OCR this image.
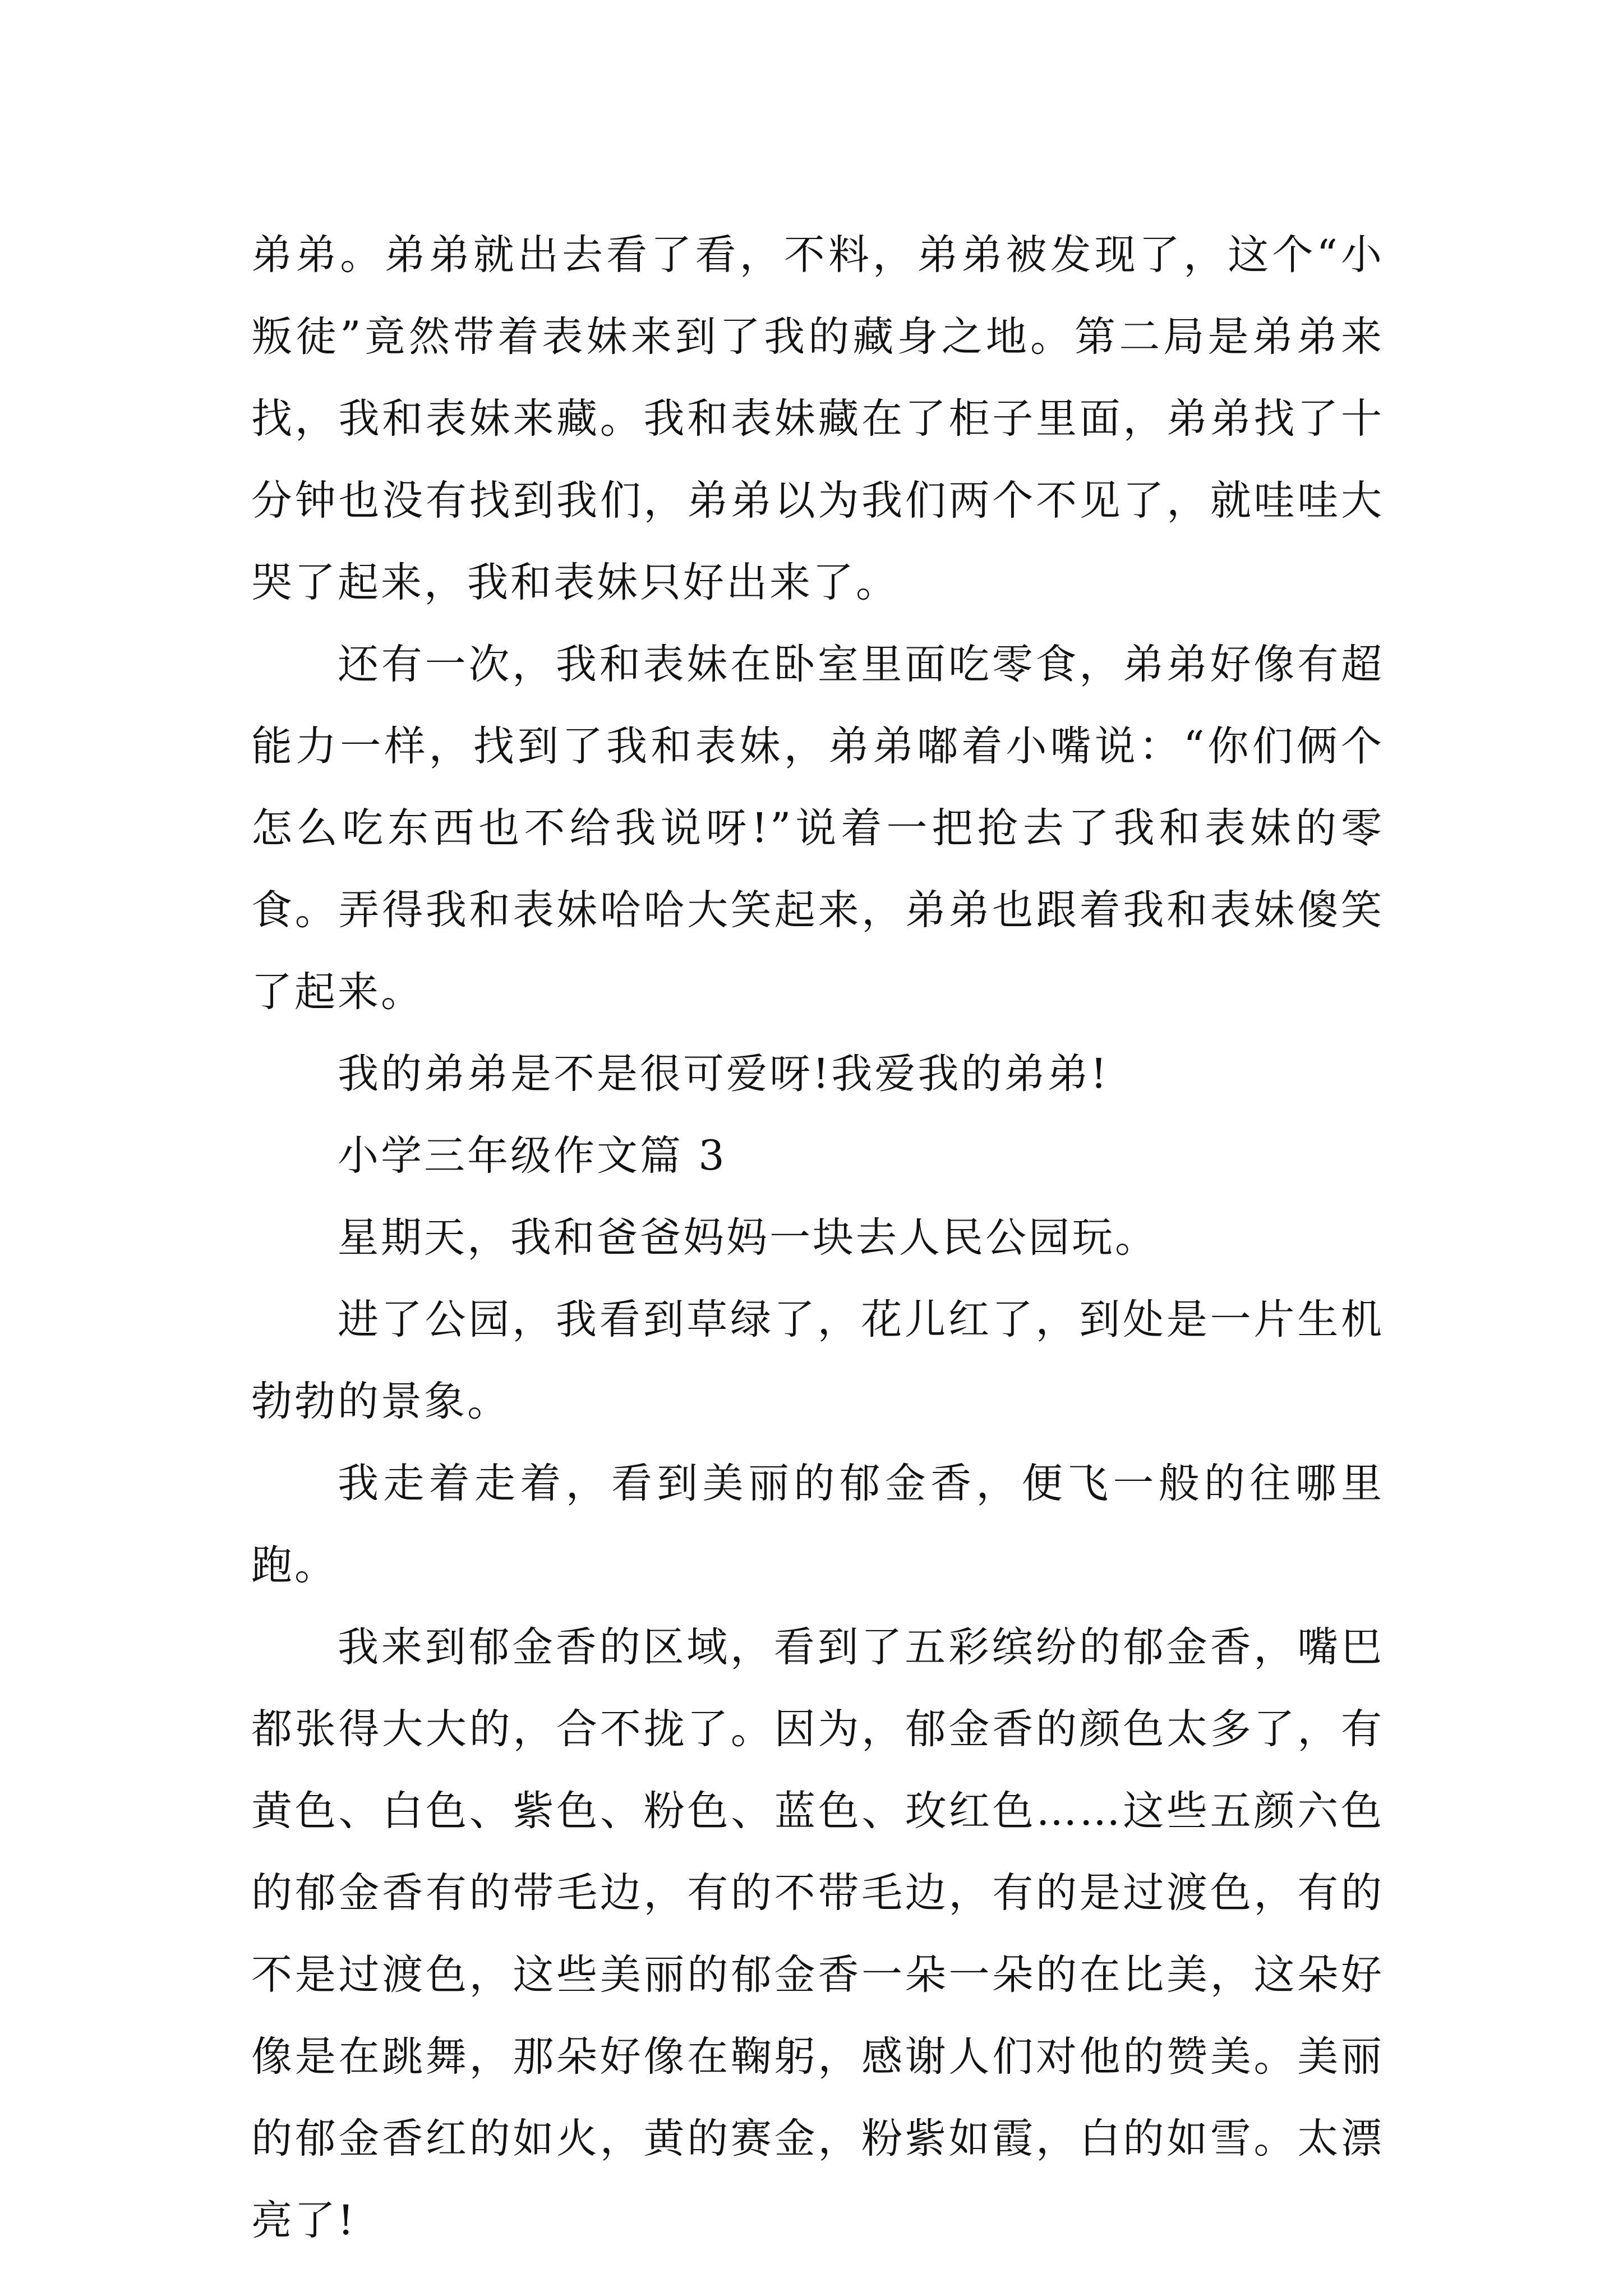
弟弟。弟弟就出去看了看，不料，弟弟被发现了，这个“小叛徒”竟然带着表妹来到了我的藏身之地。第二局是弟弟来找，我和表妹来藏。我和表妹藏在了柜子里面，弟弟找了十分钟也没有找到我们，弟弟以为我们两个不见了，就哇哇大哭了起来，我和表妹只好出来了。

还有一次，我和表妹在卧室里面吃零食，弟弟好像有超能力一样，找到了我和表妹，弟弟嘟着小嘴说：“你们俩个怎么吃东西也不给我说呀!”说着一把抢去了我和表妹的零食。弄得我和表妹哈哈大笑起来，弟弟也跟着我和表妹傻笑了起来。

我的弟弟是不是很可爱呀!我爱我的弟弟!

小学三年级作文篇 3

星期天，我和爸爸妈妈一块去人民公园玩。

进了公园，我看到草绿了，花儿红了，到处是一片生机勃勃的景象。

我走着走着，看到美丽的郁金香，便飞一般的往哪里跑。

我来到郁金香的区域，看到了五彩缤纷的郁金香，嘴巴都张得大大的，合不拢了。因为，郁金香的颜色太多了，有黄色、白色、紫色、粉色、蓝色、玫红色……这些五颜六色的郁金香有的带毛边，有的不带毛边，有的是过渡色，有的不是过渡色，这些美丽的郁金香一朵一朵的在比美，这朵好像是在跳舞，那朵好像在鞠躬，感谢人们对他的赞美。美丽的郁金香红的如火，黄的赛金，粉紫如霞，白的如雪。太漂亮了!
